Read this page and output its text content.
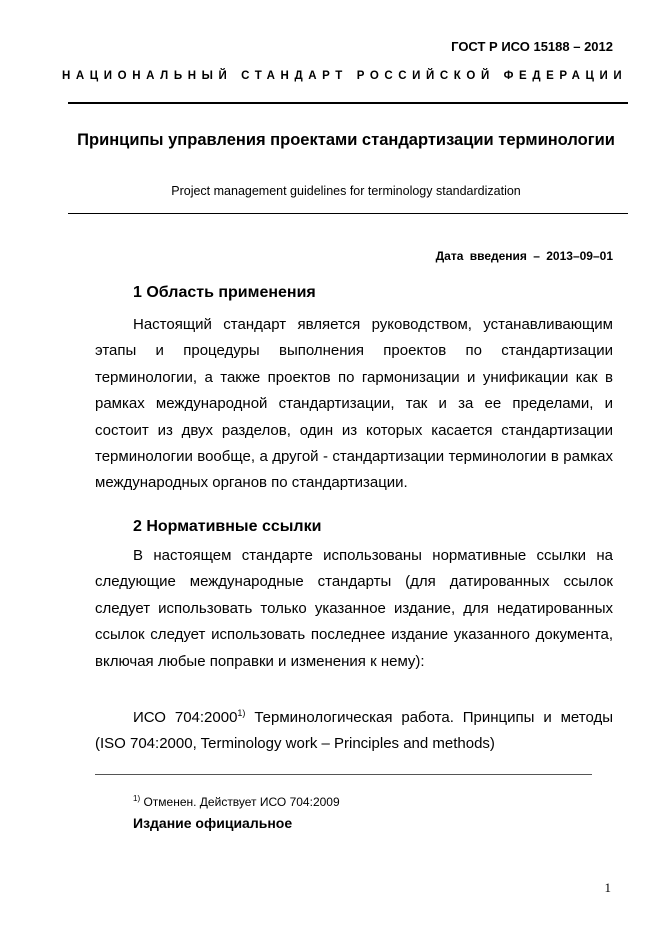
ГОСТ Р ИСО 15188 – 2012
НАЦИОНАЛЬНЫЙ СТАНДАРТ РОССИЙСКОЙ ФЕДЕРАЦИИ
Принципы управления проектами стандартизации терминологии
Project management guidelines for terminology standardization
Дата введения – 2013–09–01
1 Область применения
Настоящий стандарт является руководством, устанавливающим этапы и процедуры выполнения проектов по стандартизации терминологии, а также проектов по гармонизации и унификации как в рамках международной стандартизации, так и за ее пределами, и состоит из двух разделов, один из которых касается стандартизации терминологии вообще, а другой - стандартизации терминологии в рамках международных органов по стандартизации.
2 Нормативные ссылки
В настоящем стандарте использованы нормативные ссылки на следующие международные стандарты (для датированных ссылок следует использовать только указанное издание, для недатированных ссылок следует использовать последнее издание указанного документа, включая любые поправки и изменения к нему):
ИСО 704:2000$^{1)}$ Терминологическая работа. Принципы и методы (ISO 704:2000, Terminology work – Principles and methods)
$^{1)}$ Отменен. Действует ИСО 704:2009
Издание официальное
1
